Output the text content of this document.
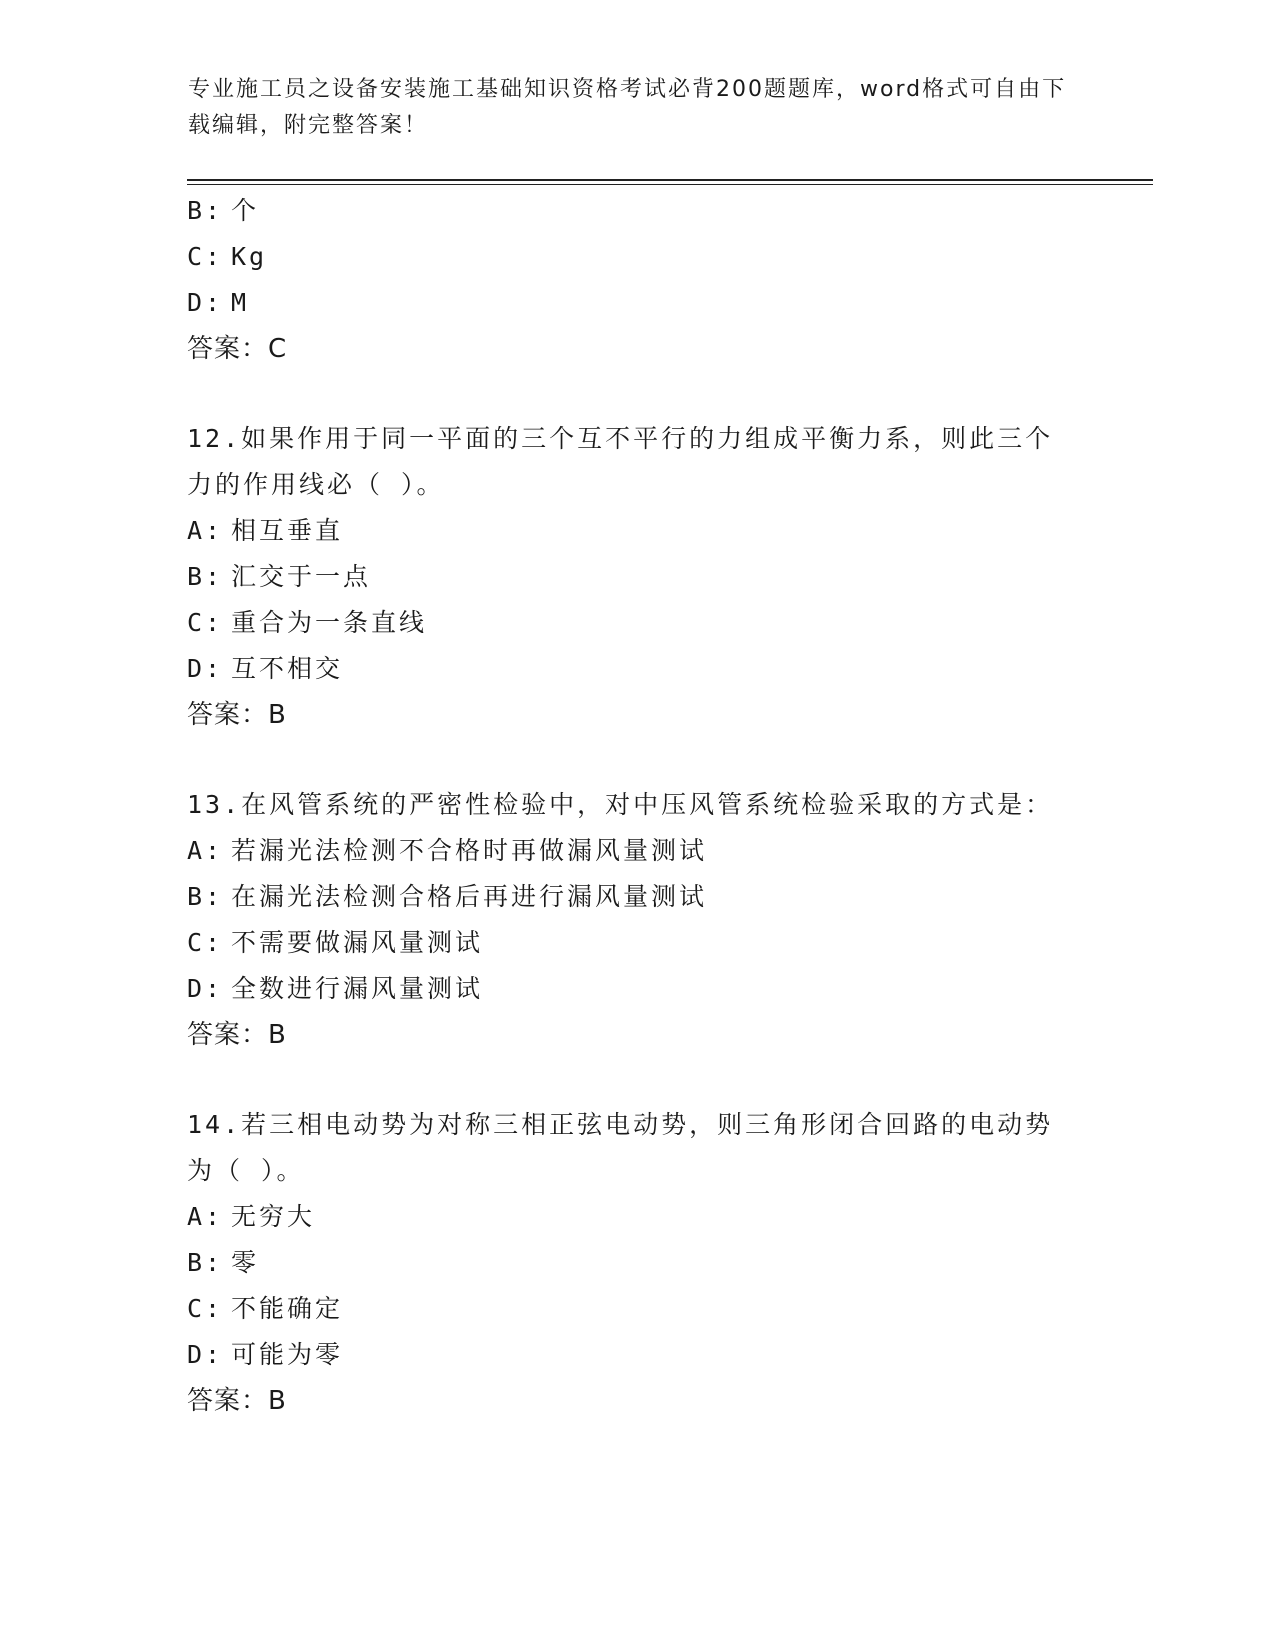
专业施工员之设备安装施工基础知识资格考试必背200题题库，word格式可自由下载编辑，附完整答案！
B: 个
C: Kg
D: M
答案：C
12.如果作用于同一平面的三个互不平行的力组成平衡力系，则此三个力的作用线必（ ）。
A: 相互垂直
B: 汇交于一点
C: 重合为一条直线
D: 互不相交
答案：B
13.在风管系统的严密性检验中，对中压风管系统检验采取的方式是：
A: 若漏光法检测不合格时再做漏风量测试
B: 在漏光法检测合格后再进行漏风量测试
C: 不需要做漏风量测试
D: 全数进行漏风量测试
答案：B
14.若三相电动势为对称三相正弦电动势，则三角形闭合回路的电动势为（ ）。
A: 无穷大
B: 零
C: 不能确定
D: 可能为零
答案：B
